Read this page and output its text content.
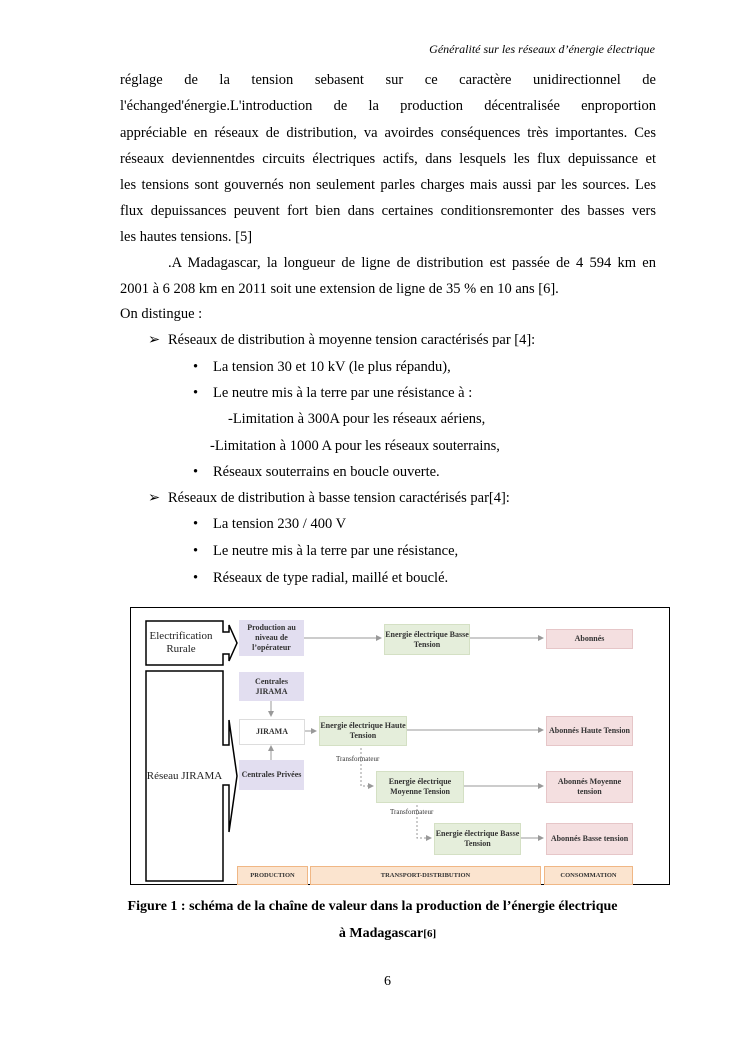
Généralité sur les réseaux d’énergie électrique
réglage de la tension sebasent sur ce caractère unidirectionnel de
l'échanged'énergie.L'introduction de la production décentralisée enproportion
appréciable en réseaux de distribution, va avoirdes conséquences très importantes. Ces
réseaux deviennentdes circuits électriques actifs, dans lesquels les flux depuissance et
les tensions sont gouvernés non seulement parles charges mais aussi par les sources. Les
flux depuissances peuvent fort bien dans certaines conditionsremonter des basses vers
les hautes tensions. [5]
.A Madagascar, la longueur de ligne de distribution est passée de 4 594 km en
2001 à 6 208 km en 2011 soit une extension de ligne de 35 % en 10 ans [6].
On distingue :
➢ Réseaux de distribution à moyenne tension caractérisés par [4]:
• La tension 30 et 10 kV (le plus répandu),
• Le neutre mis à la terre par une résistance à :
-Limitation à 300A pour les réseaux aériens,
-Limitation à 1000 A pour les réseaux souterrains,
• Réseaux souterrains en boucle ouverte.
➢ Réseaux de distribution à basse tension caractérisés par[4]:
• La tension 230 / 400 V
• Le neutre mis à la terre par une résistance,
• Réseaux de type radial, maillé et bouclé.
Electrification Rurale
Réseau JIRAMA
Production au niveau de l’opérateur
Energie électrique Basse Tension
Abonnés
Centrales JIRAMA
JIRAMA
Centrales Privées
Energie électrique Haute Tension
Abonnés Haute Tension
Transformateur
Energie électrique Moyenne Tension
Abonnés Moyenne tension
Transformateur
Energie électrique Basse Tension
Abonnés Basse tension
PRODUCTION	TRANSPORT-DISTRIBUTION	CONSOMMATION
Figure 1 : schéma de la chaîne de valeur dans la production de l’énergie électrique
à Madagascar[6]
6
